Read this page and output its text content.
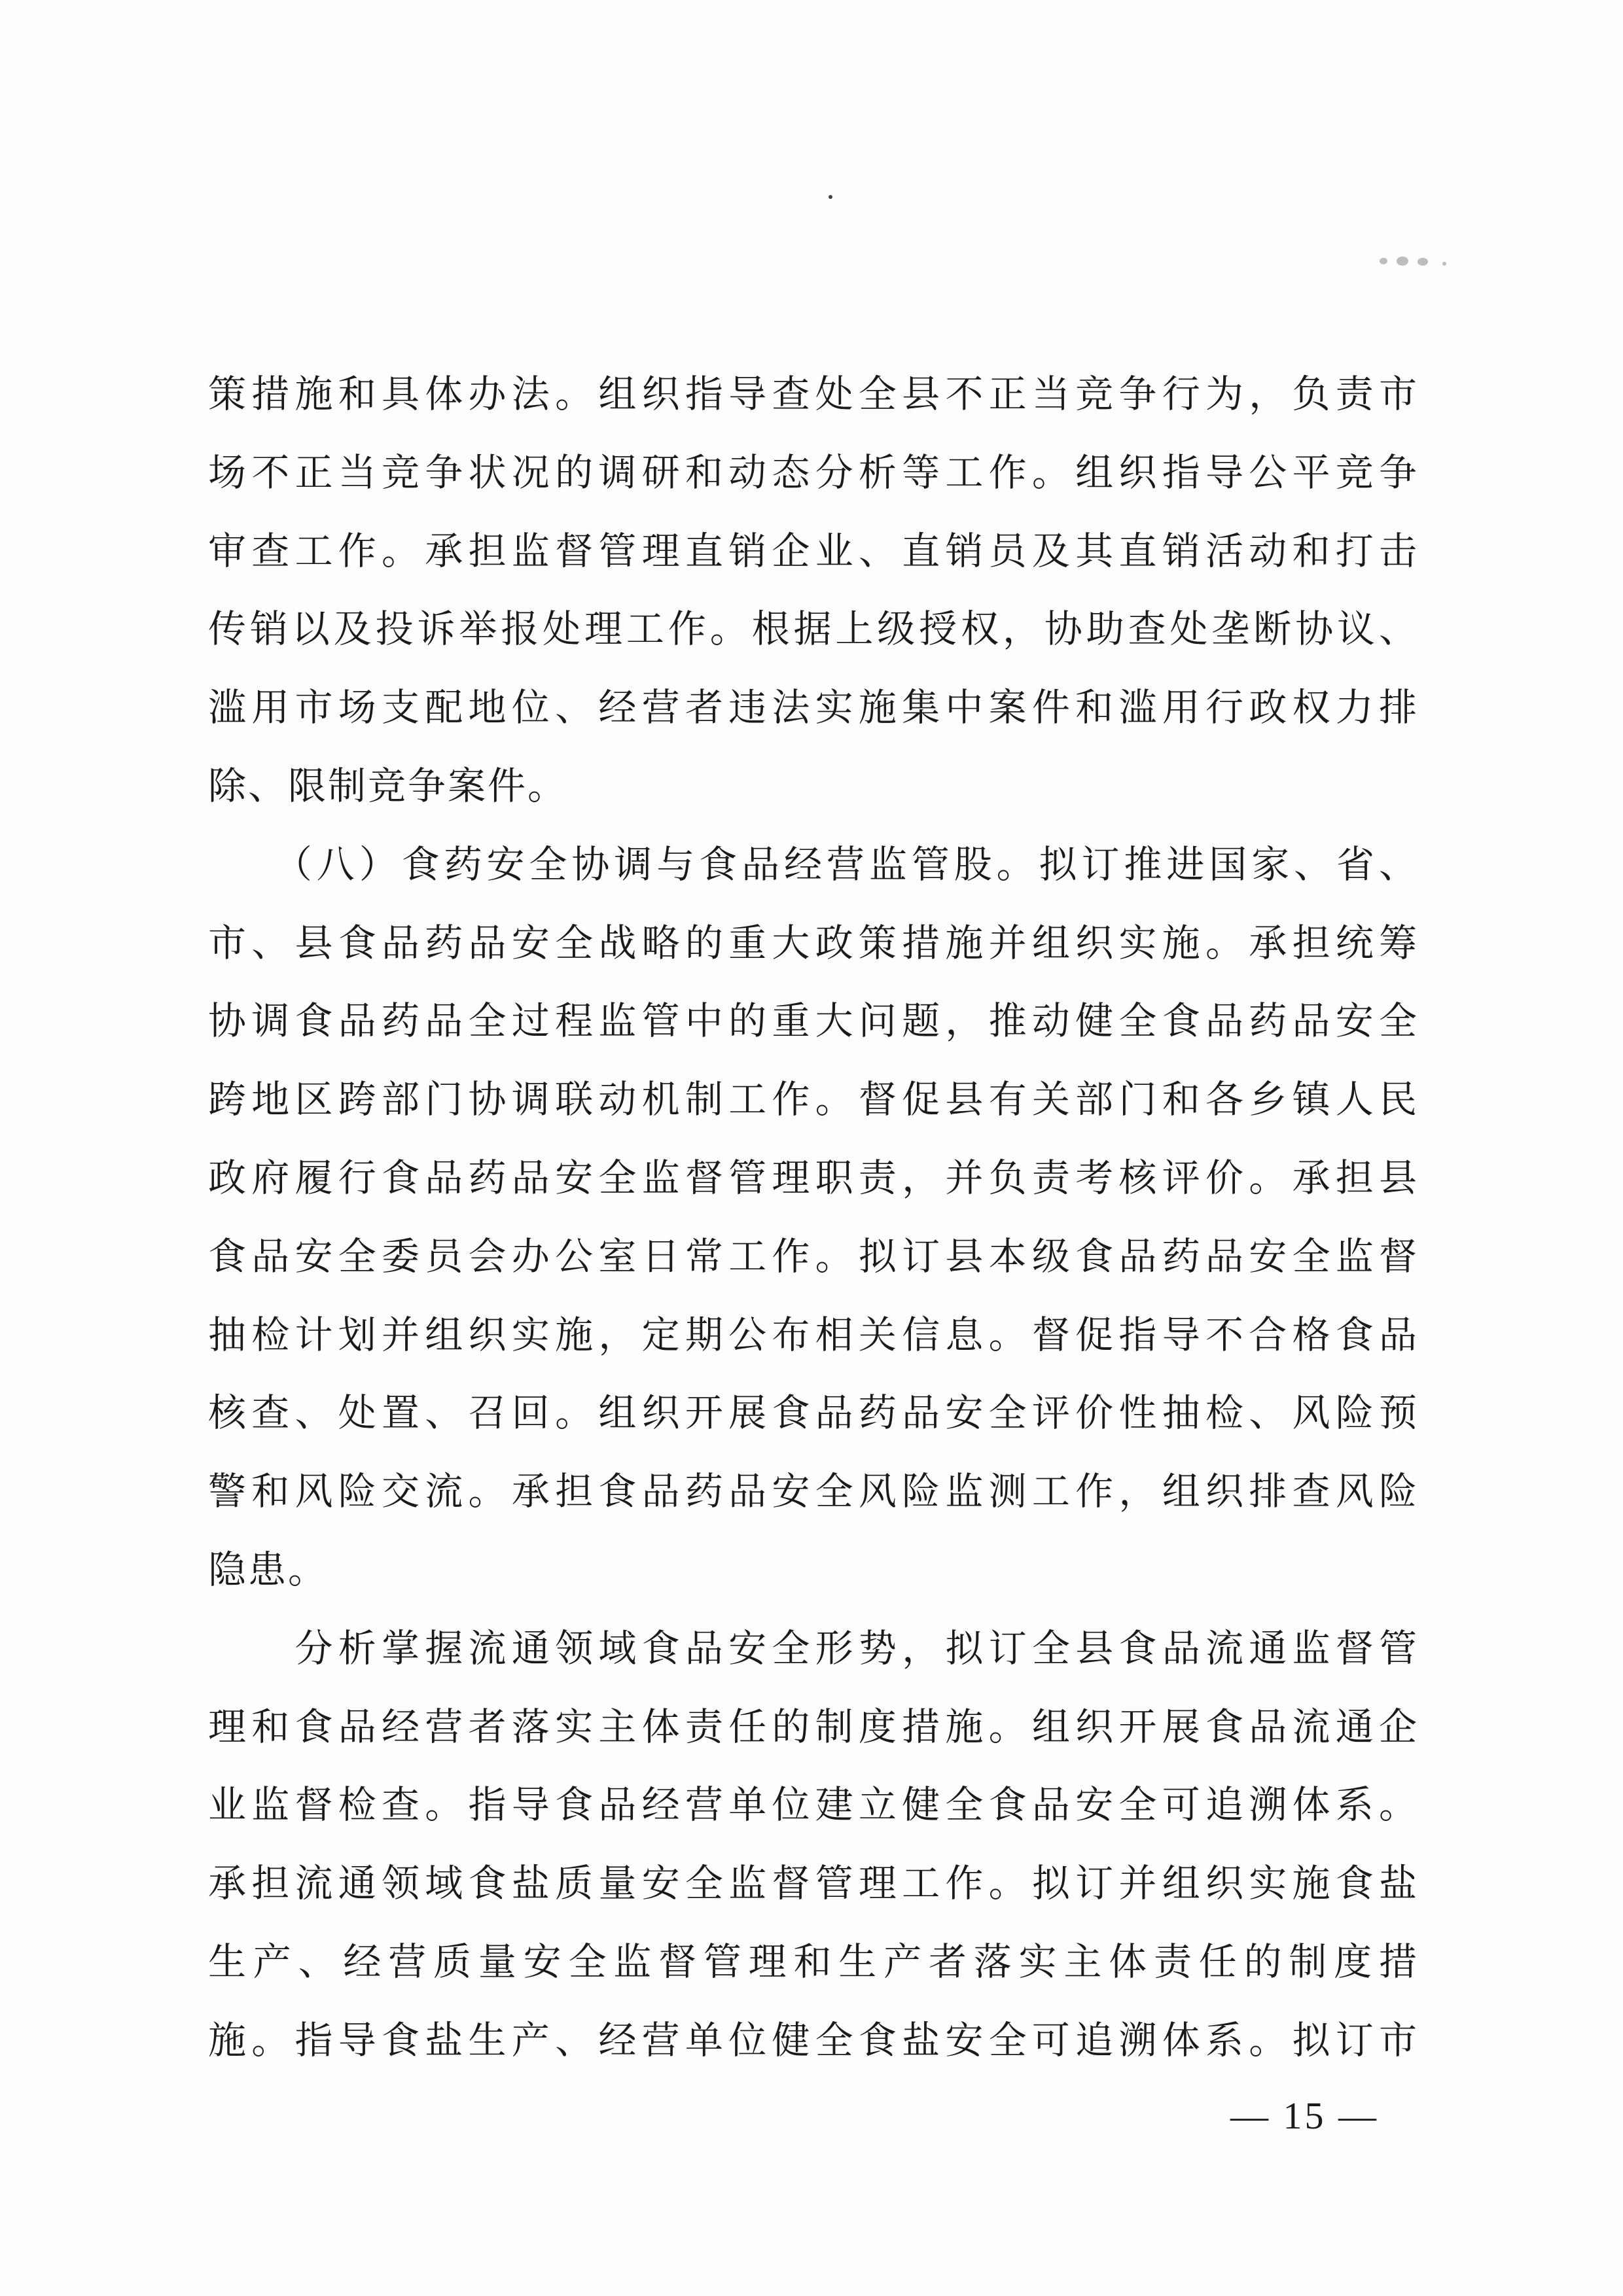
策措施和具体办法。组织指导查处全县不正当竞争行为，负责市
场不正当竞争状况的调研和动态分析等工作。组织指导公平竞争
审查工作。承担监督管理直销企业、直销员及其直销活动和打击
传销以及投诉举报处理工作。根据上级授权，协助查处垄断协议、
滥用市场支配地位、经营者违法实施集中案件和滥用行政权力排
除、限制竞争案件。
　　（八）食药安全协调与食品经营监管股。拟订推进国家、省、
市、县食品药品安全战略的重大政策措施并组织实施。承担统筹
协调食品药品全过程监管中的重大问题，推动健全食品药品安全
跨地区跨部门协调联动机制工作。督促县有关部门和各乡镇人民
政府履行食品药品安全监督管理职责，并负责考核评价。承担县
食品安全委员会办公室日常工作。拟订县本级食品药品安全监督
抽检计划并组织实施，定期公布相关信息。督促指导不合格食品
核查、处置、召回。组织开展食品药品安全评价性抽检、风险预
警和风险交流。承担食品药品安全风险监测工作，组织排查风险
隐患。
　　分析掌握流通领域食品安全形势，拟订全县食品流通监督管
理和食品经营者落实主体责任的制度措施。组织开展食品流通企
业监督检查。指导食品经营单位建立健全食品安全可追溯体系。
承担流通领域食盐质量安全监督管理工作。拟订并组织实施食盐
生产、经营质量安全监督管理和生产者落实主体责任的制度措
施。指导食盐生产、经营单位健全食盐安全可追溯体系。拟订市
— 15 —
